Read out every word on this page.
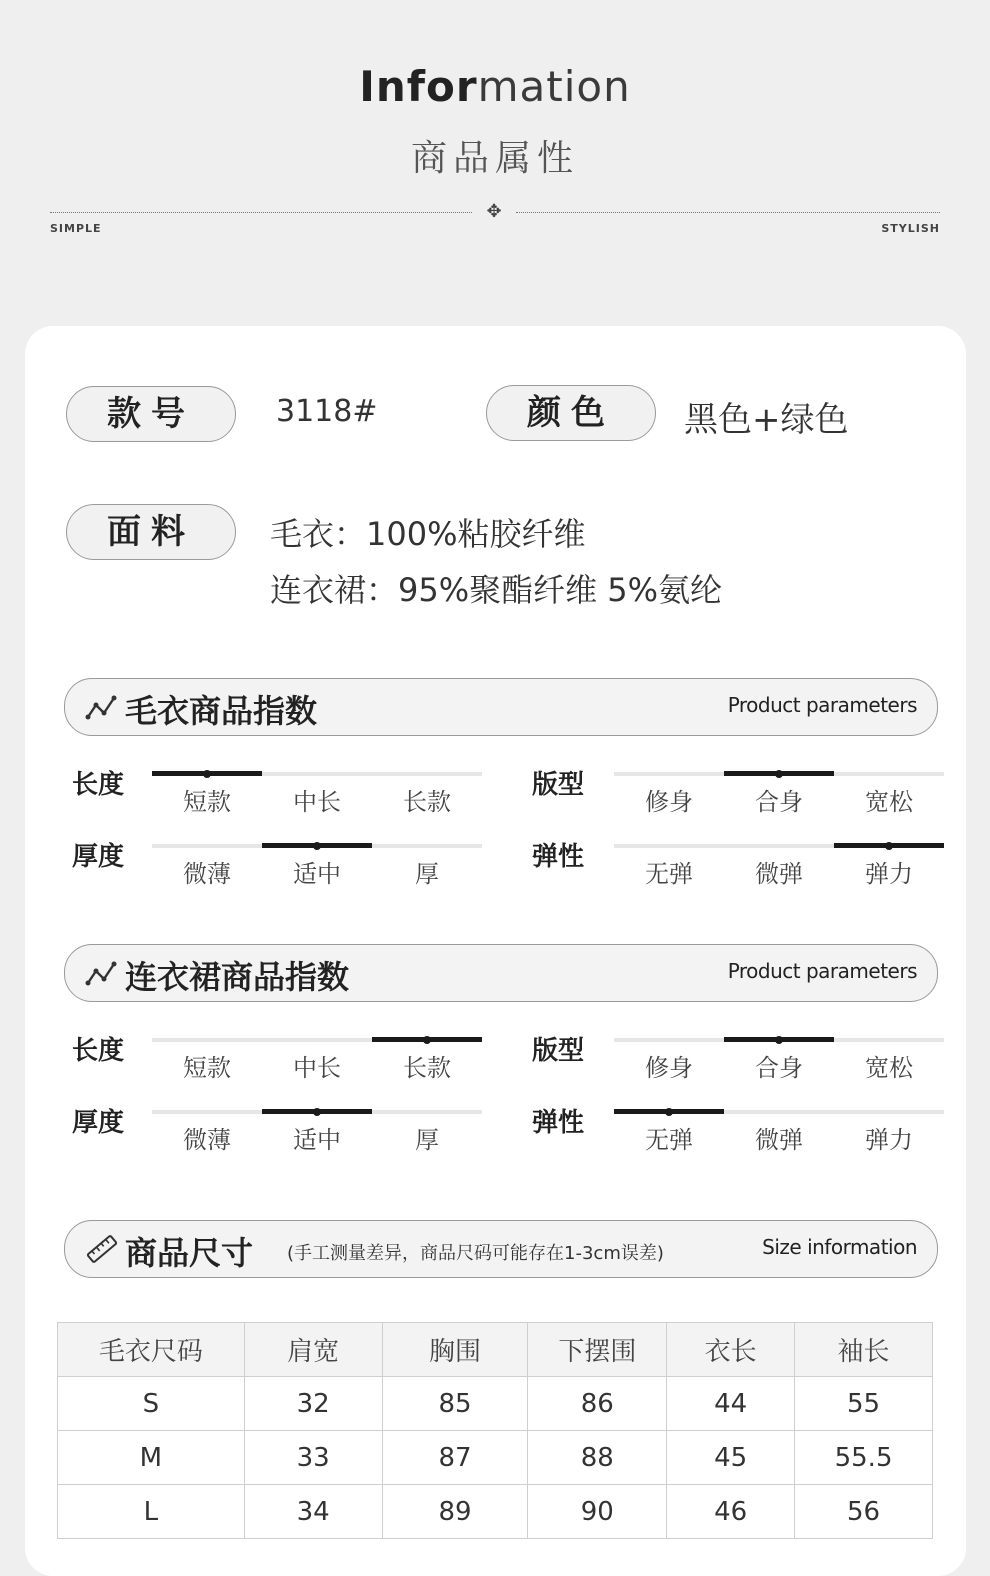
Information
商品属性
✥
SIMPLE	STYLISH
款号	3118#	颜色	黑色+绿色
面料	毛衣：100%粘胶纤维
连衣裙：95%聚酯纤维 5%氨纶
毛衣商品指数	Product parameters
长度
短款	中长	长款
版型
修身	合身	宽松
厚度
微薄	适中	厚
弹性
无弹	微弹	弹力
连衣裙商品指数	Product parameters
长度
短款	中长	长款
版型
修身	合身	宽松
厚度
微薄	适中	厚
弹性
无弹	微弹	弹力
商品尺寸 (手工测量差异，商品尺码可能存在1-3cm误差)	Size information
毛衣尺码	肩宽	胸围	下摆围	衣长	袖长
S	32	85	86	44	55
M	33	87	88	45	55.5
L	34	89	90	46	56
